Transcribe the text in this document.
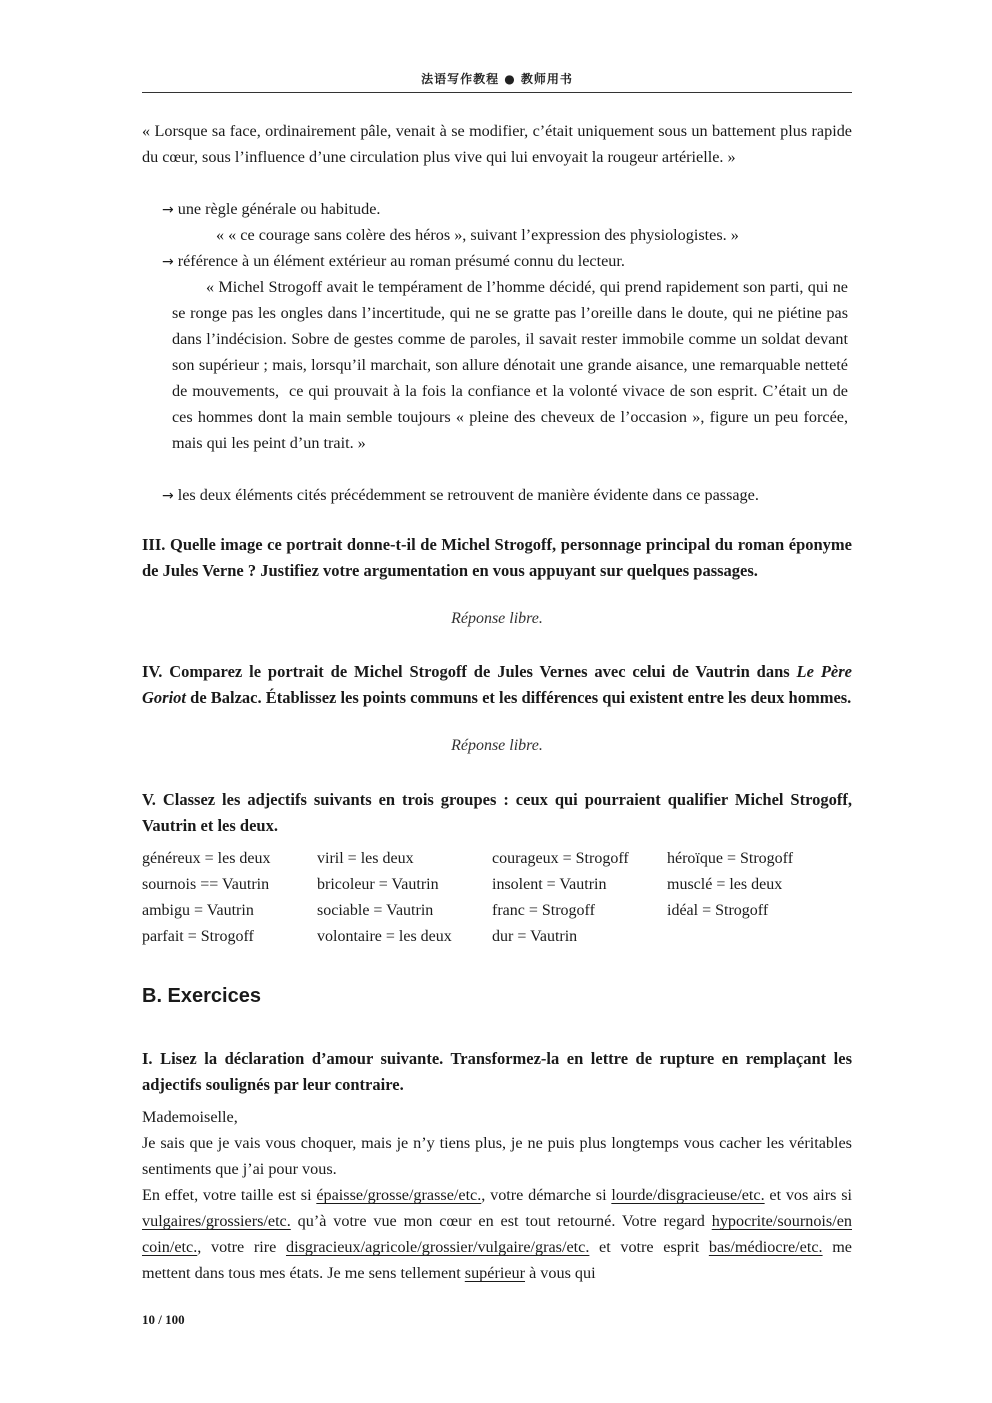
法语写作教程 ● 教师用书

« Lorsque sa face, ordinairement pâle, venait à se modifier, c’était uniquement sous un battement plus rapide du cœur, sous l’influence d’une circulation plus vive qui lui envoyait la rougeur artérielle. »

→ une règle générale ou habitude.

« « ce courage sans colère des héros », suivant l’expression des physiologistes. »

→ référence à un élément extérieur au roman présumé connu du lecteur.

« Michel Strogoff avait le tempérament de l’homme décidé, qui prend rapidement son parti, qui ne se ronge pas les ongles dans l’incertitude, qui ne se gratte pas l’oreille dans le doute, qui ne piétine pas dans l’indécision. Sobre de gestes comme de paroles, il savait rester immobile comme un soldat devant son supérieur ; mais, lorsqu’il marchait, son allure dénotait une grande aisance, une remarquable netteté de mouvements, ce qui prouvait à la fois la confiance et la volonté vivace de son esprit. C’était un de ces hommes dont la main semble toujours « pleine des cheveux de l’occasion », figure un peu forcée, mais qui les peint d’un trait. »

→ les deux éléments cités précédemment se retrouvent de manière évidente dans ce passage.

III. Quelle image ce portrait donne-t-il de Michel Strogoff, personnage principal du roman éponyme de Jules Verne ? Justifiez votre argumentation en vous appuyant sur quelques passages.

Réponse libre.

IV. Comparez le portrait de Michel Strogoff de Jules Vernes avec celui de Vautrin dans Le Père Goriot de Balzac. Établissez les points communs et les différences qui existent entre les deux hommes.

Réponse libre.

V. Classez les adjectifs suivants en trois groupes : ceux qui pourraient qualifier Michel Strogoff, Vautrin et les deux.

généreux = les deux	viril = les deux	courageux = Strogoff	héroïque = Strogoff
sournois == Vautrin	bricoleur = Vautrin	insolent = Vautrin	musclé = les deux
ambigu = Vautrin	sociable = Vautrin	franc = Strogoff	idéal = Strogoff
parfait = Strogoff	volontaire = les deux	dur = Vautrin

B. Exercices

I. Lisez la déclaration d’amour suivante. Transformez-la en lettre de rupture en remplaçant les adjectifs soulignés par leur contraire.

Mademoiselle,

Je sais que je vais vous choquer, mais je n’y tiens plus, je ne puis plus longtemps vous cacher les véritables sentiments que j’ai pour vous.

En effet, votre taille est si épaisse/grosse/grasse/etc., votre démarche si lourde/disgracieuse/etc. et vos airs si vulgaires/grossiers/etc. qu’à votre vue mon cœur en est tout retourné. Votre regard hypocrite/sournois/en coin/etc., votre rire disgracieux/agricole/grossier/vulgaire/gras/etc. et votre esprit bas/médiocre/etc. me mettent dans tous mes états. Je me sens tellement supérieur à vous qui

10 / 100
